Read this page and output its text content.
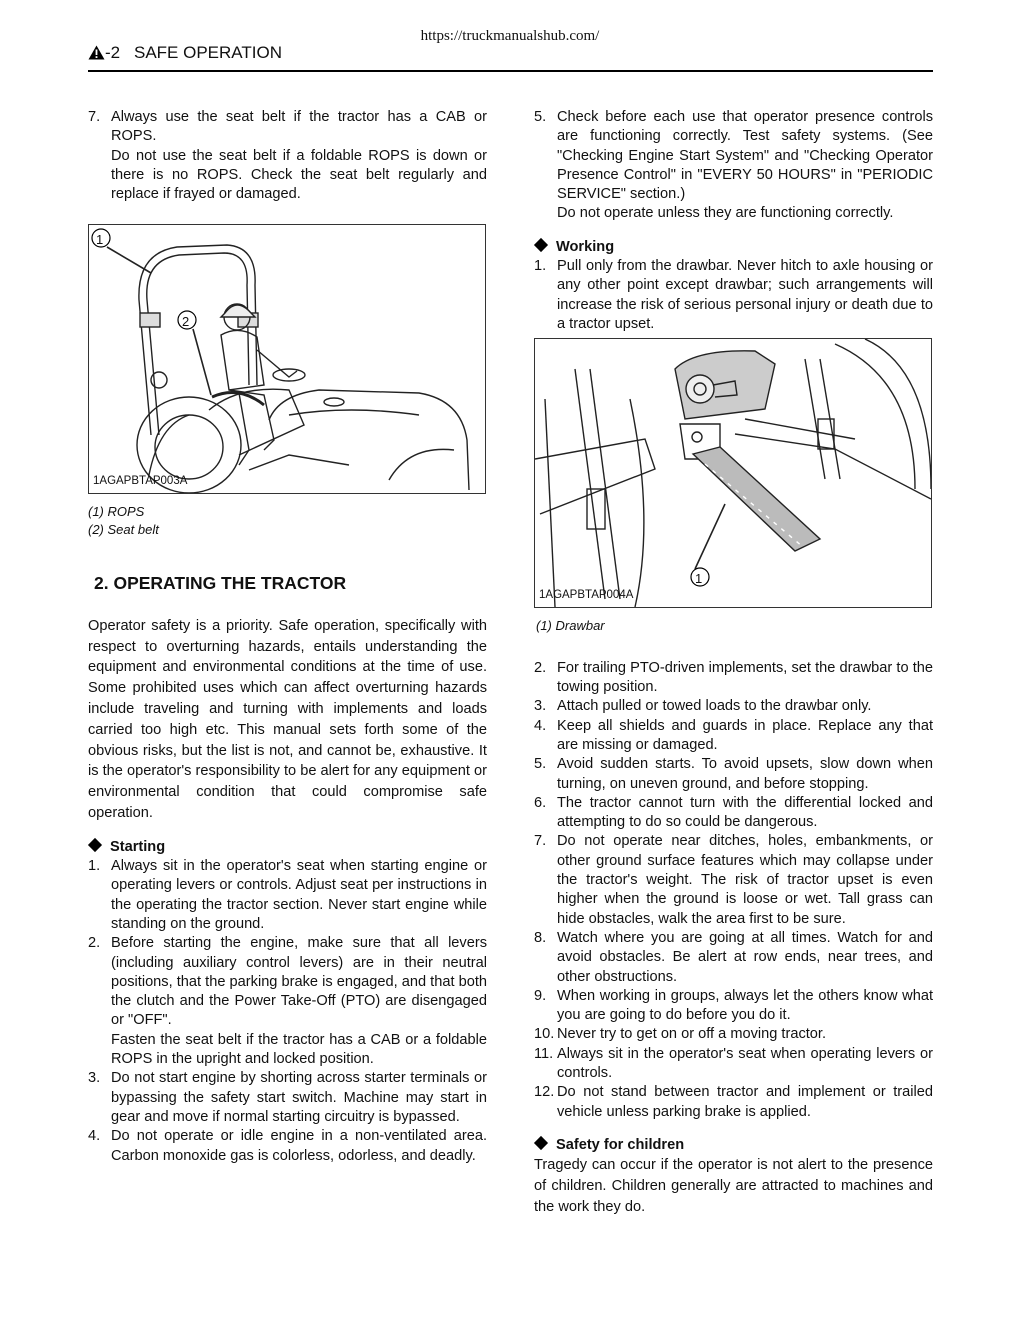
https://truckmanualshub.com/
-2 SAFE OPERATION
7. Always use the seat belt if the tractor has a CAB or ROPS.
Do not use the seat belt if a foldable ROPS is down or there is no ROPS. Check the seat belt regularly and replace if frayed or damaged.
1
2
1AGAPBTAP003A
(1) ROPS
(2) Seat belt
2. OPERATING THE TRACTOR
Operator safety is a priority. Safe operation, specifically with respect to overturning hazards, entails understanding the equipment and environmental conditions at the time of use. Some prohibited uses which can affect overturning hazards include traveling and turning with implements and loads carried too high etc. This manual sets forth some of the obvious risks, but the list is not, and cannot be, exhaustive. It is the operator's responsibility to be alert for any equipment or environmental condition that could compromise safe operation.
Starting
1. Always sit in the operator's seat when starting engine or operating levers or controls. Adjust seat per instructions in the operating the tractor section. Never start engine while standing on the ground.
2. Before starting the engine, make sure that all levers (including auxiliary control levers) are in their neutral positions, that the parking brake is engaged, and that both the clutch and the Power Take-Off (PTO) are disengaged or "OFF".
Fasten the seat belt if the tractor has a CAB or a foldable ROPS in the upright and locked position.
3. Do not start engine by shorting across starter terminals or bypassing the safety start switch. Machine may start in gear and move if normal starting circuitry is bypassed.
4. Do not operate or idle engine in a non-ventilated area. Carbon monoxide gas is colorless, odorless, and deadly.
5. Check before each use that operator presence controls are functioning correctly. Test safety systems. (See "Checking Engine Start System" and "Checking Operator Presence Control" in "EVERY 50 HOURS" in "PERIODIC SERVICE" section.)
Do not operate unless they are functioning correctly.
Working
1. Pull only from the drawbar. Never hitch to axle housing or any other point except drawbar; such arrangements will increase the risk of serious personal injury or death due to a tractor upset.
1
1AGAPBTAP004A
(1) Drawbar
2. For trailing PTO-driven implements, set the drawbar to the towing position.
3. Attach pulled or towed loads to the drawbar only.
4. Keep all shields and guards in place. Replace any that are missing or damaged.
5. Avoid sudden starts. To avoid upsets, slow down when turning, on uneven ground, and before stopping.
6. The tractor cannot turn with the differential locked and attempting to do so could be dangerous.
7. Do not operate near ditches, holes, embankments, or other ground surface features which may collapse under the tractor's weight. The risk of tractor upset is even higher when the ground is loose or wet. Tall grass can hide obstacles, walk the area first to be sure.
8. Watch where you are going at all times. Watch for and avoid obstacles. Be alert at row ends, near trees, and other obstructions.
9. When working in groups, always let the others know what you are going to do before you do it.
10. Never try to get on or off a moving tractor.
11. Always sit in the operator's seat when operating levers or controls.
12. Do not stand between tractor and implement or trailed vehicle unless parking brake is applied.
Safety for children
Tragedy can occur if the operator is not alert to the presence of children. Children generally are attracted to machines and the work they do.
